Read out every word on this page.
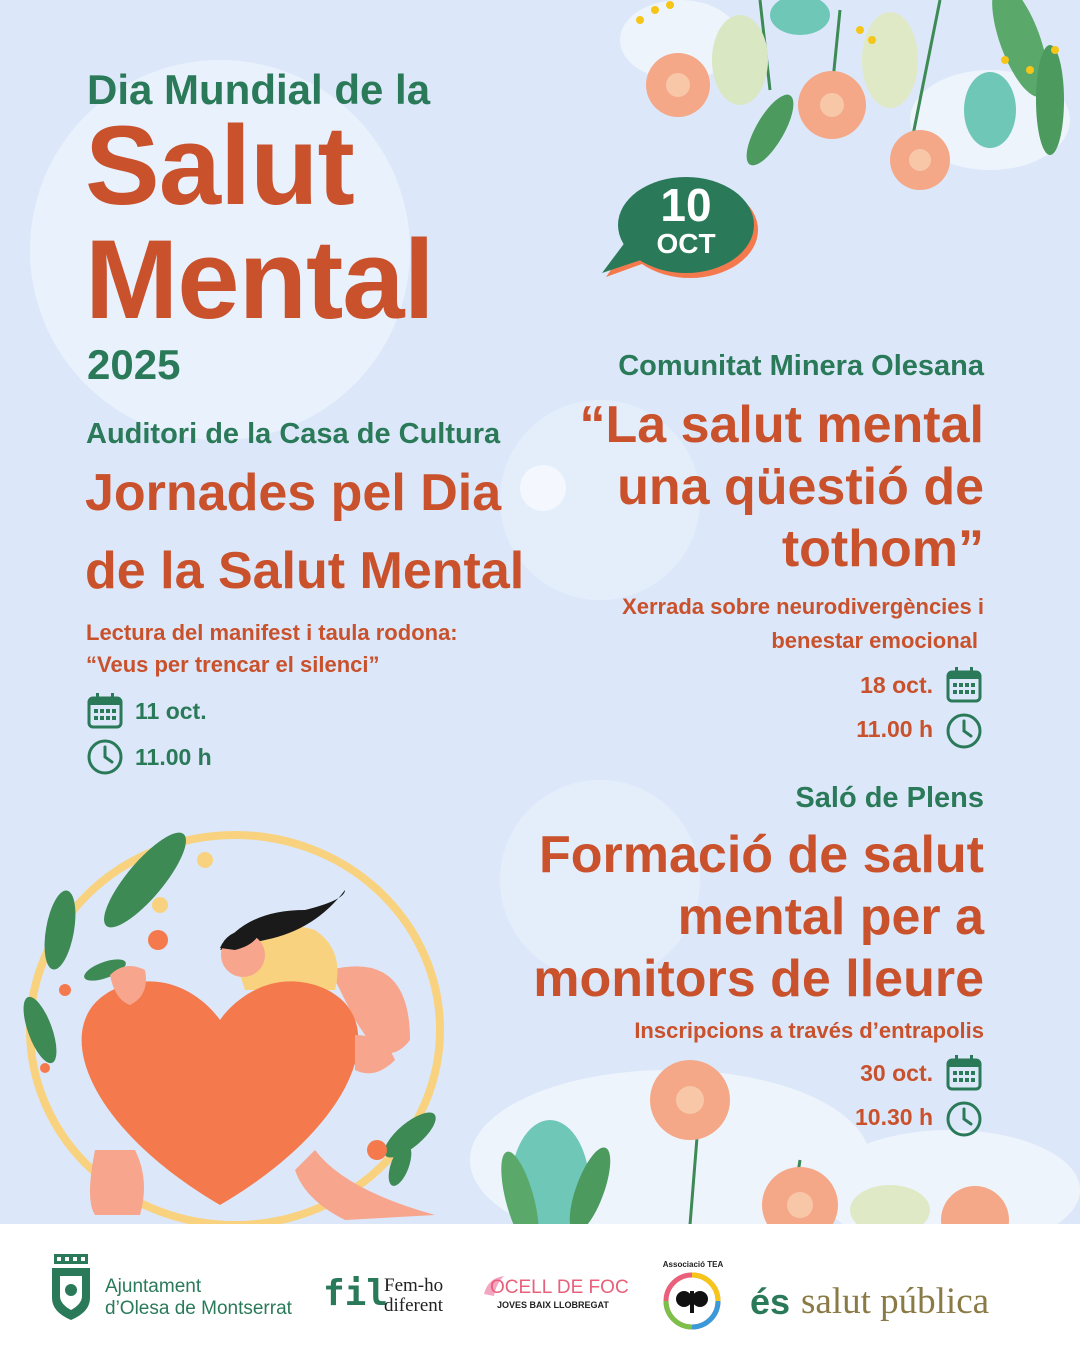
Dia Mundial de la
Salut
Mental
2025
10
OCT
Auditori de la Casa de Cultura
Jornades pel Dia
de la Salut Mental
Lectura del manifest i taula rodona:
“Veus per trencar el silenci”
11 oct.
11.00 h
Comunitat Minera Olesana
“La salut mental
una qüestió de
tothom”
Xerrada sobre neurodivergències i
benestar emocional
18 oct.
11.00 h
Saló de Plens
Formació de salut
mental per a
monitors de lleure
Inscripcions a través d’entrapolis
30 oct.
10.30 h
Ajuntament
d’Olesa de Montserrat fil
Fem-ho
diferent
OCELL DE FOC
JOVES BAIX LLOBREGAT
Associació TEA
és salut pública
